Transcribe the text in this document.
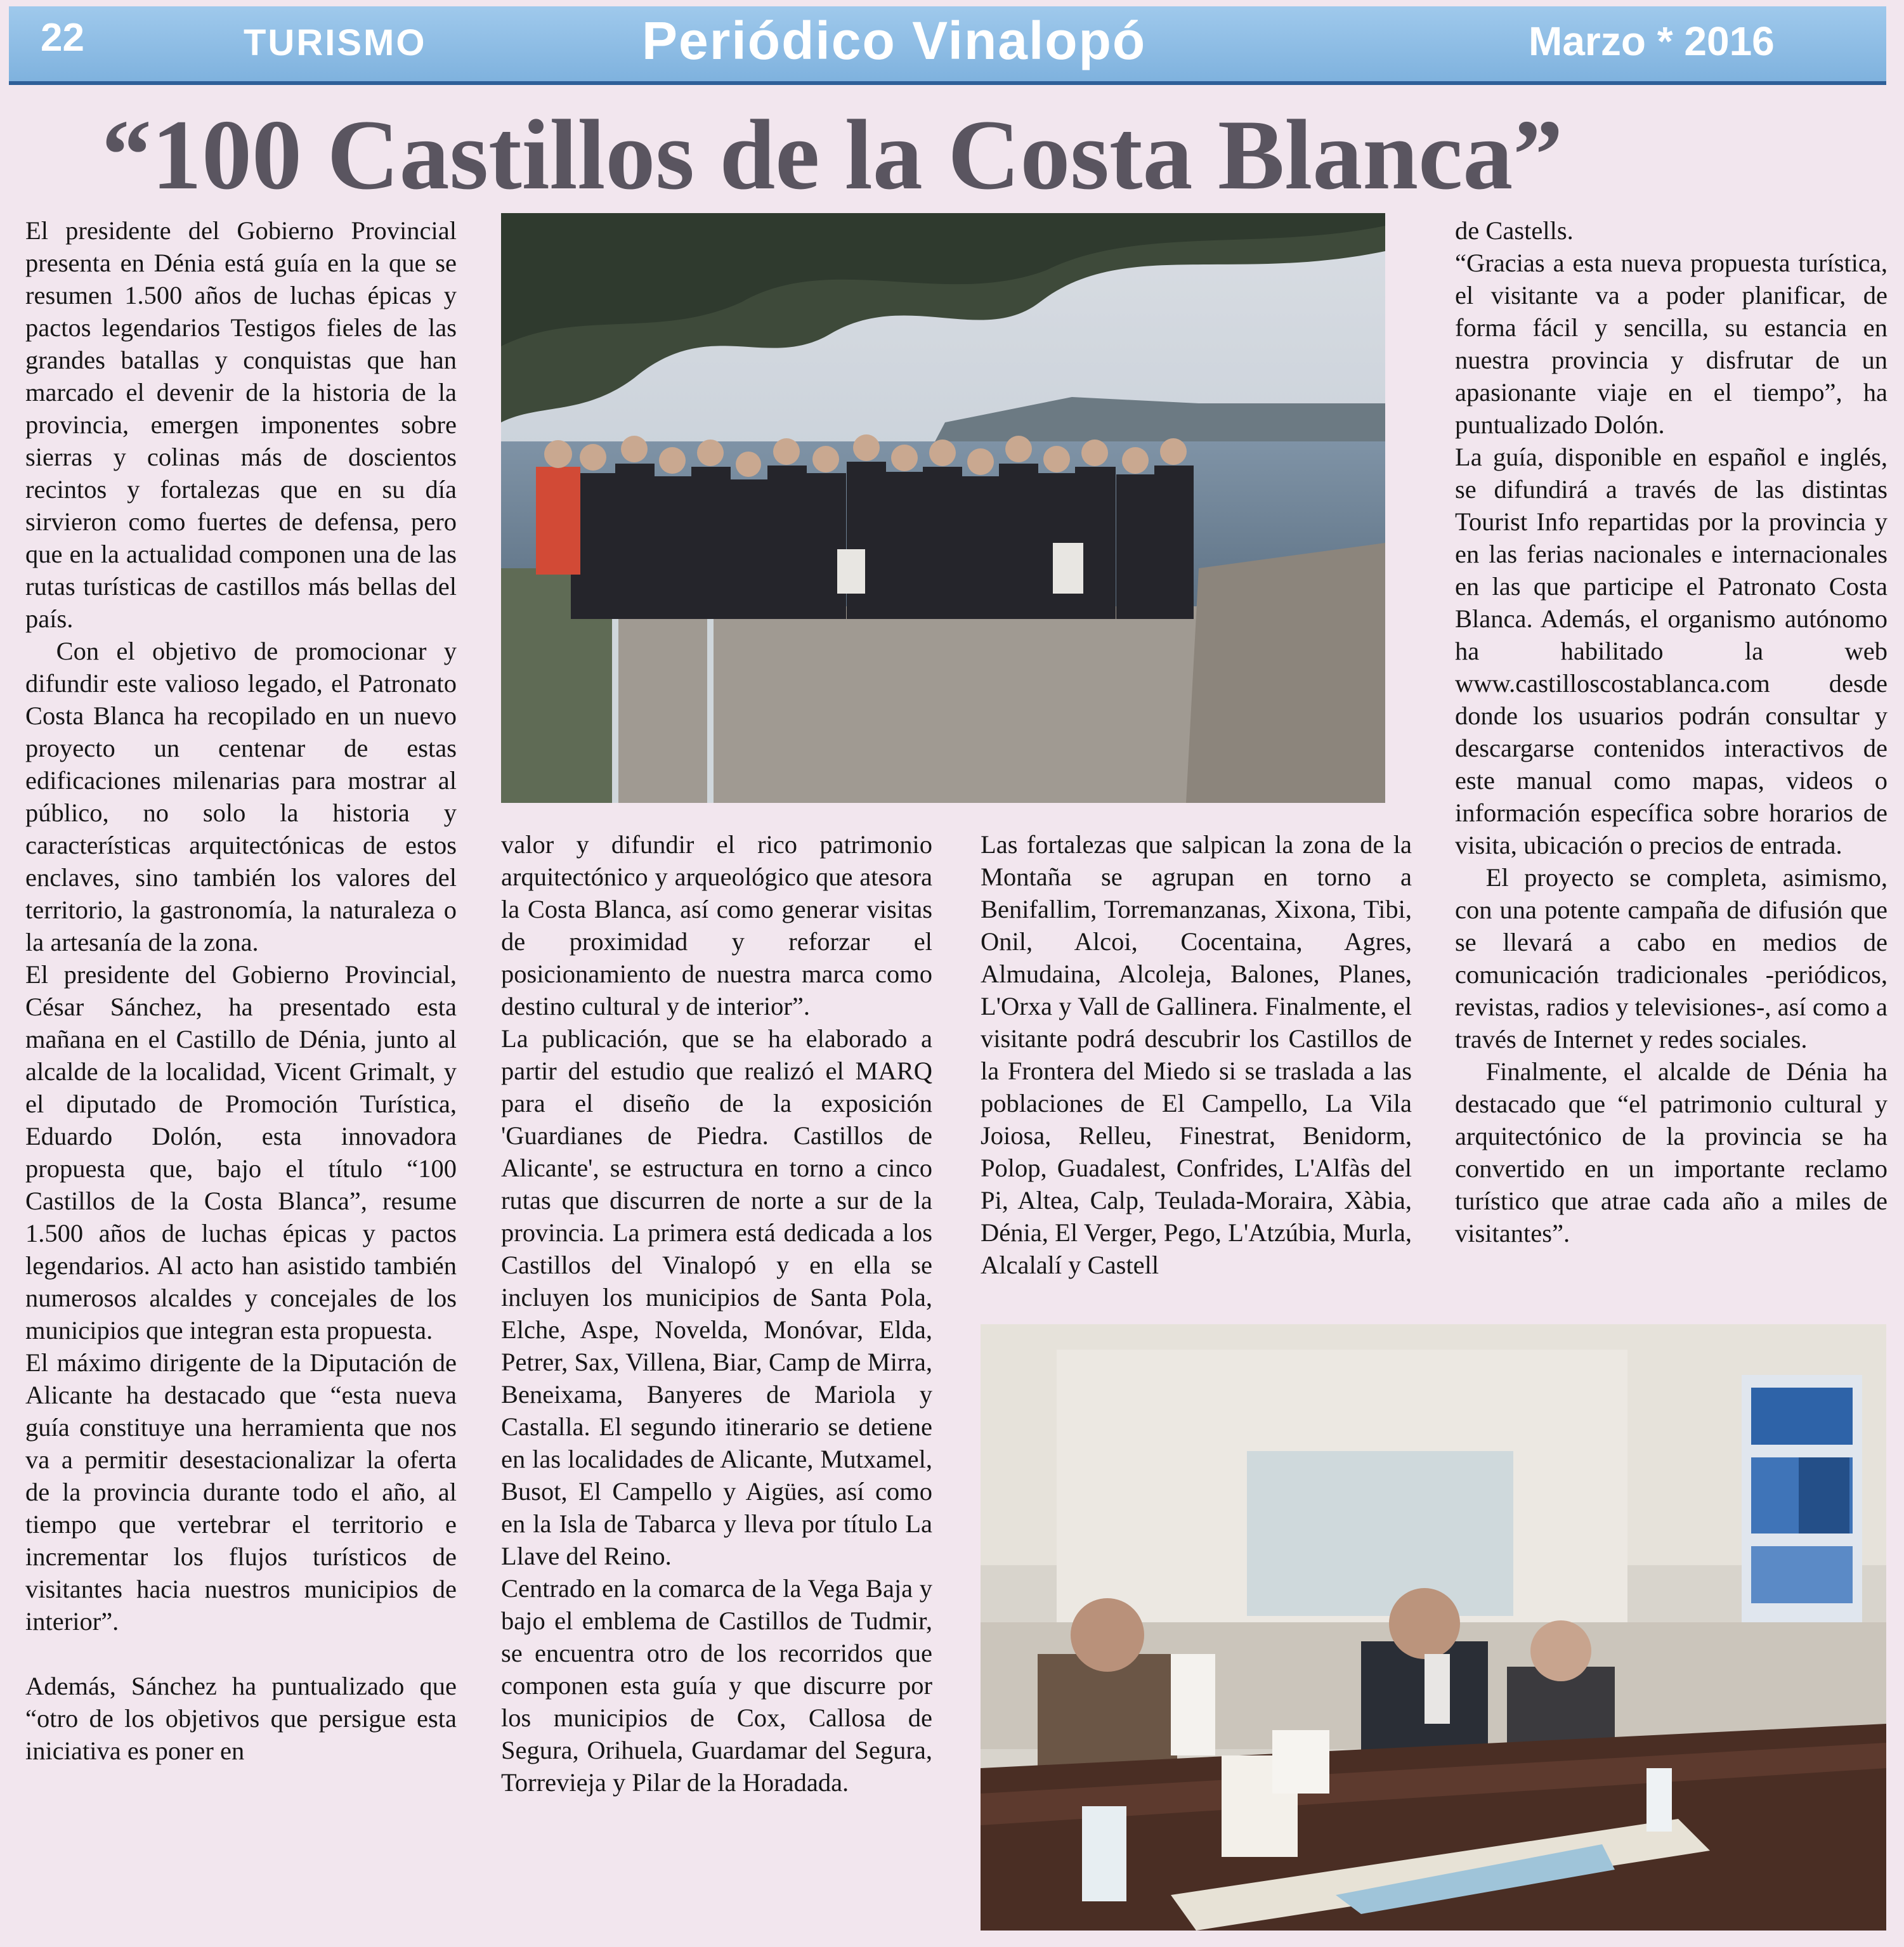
22	TURISMO	Periódico Vinalopó	Marzo * 2016
“100 Castillos de la Costa Blanca”

El presidente del Gobierno Provincial presenta en Dénia está guía en la que se resumen 1.500 años de luchas épicas y pactos legendarios Testigos fieles de las grandes batallas y conquistas que han marcado el devenir de la historia de la provincia, emergen imponentes sobre sierras y colinas más de doscientos recintos y fortalezas que en su día sirvieron como fuertes de defensa, pero que en la actualidad componen una de las rutas turísticas de castillos más bellas del país.

Con el objetivo de promocionar y difundir este valioso legado, el Patronato Costa Blanca ha recopilado en un nuevo proyecto un centenar de estas edificaciones milenarias para mostrar al público, no solo la historia y características arquitectónicas de estos enclaves, sino también los valores del territorio, la gastronomía, la naturaleza o la artesanía de la zona.

El presidente del Gobierno Provincial, César Sánchez, ha presentado esta mañana en el Castillo de Dénia, junto al alcalde de la localidad, Vicent Grimalt, y el diputado de Promoción Turística, Eduardo Dolón, esta innovadora propuesta que, bajo el título “100 Castillos de la Costa Blanca”, resume 1.500 años de luchas épicas y pactos legendarios. Al acto han asistido también numerosos alcaldes y concejales de los municipios que integran esta propuesta.

El máximo dirigente de la Diputación de Alicante ha destacado que “esta nueva guía constituye una herramienta que nos va a permitir desestacionalizar la oferta de la provincia durante todo el año, al tiempo que vertebrar el territorio e incrementar los flujos turísticos de visitantes hacia nuestros municipios de interior”.

Además, Sánchez ha puntualizado que “otro de los objetivos que persigue esta iniciativa es poner en

valor y difundir el rico patrimonio arquitectónico y arqueológico que atesora la Costa Blanca, así como generar visitas de proximidad y reforzar el posicionamiento de nuestra marca como destino cultural y de interior”.

La publicación, que se ha elaborado a partir del estudio que realizó el MARQ para el diseño de la exposición 'Guardianes de Piedra. Castillos de Alicante', se estructura en torno a cinco rutas que discurren de norte a sur de la provincia. La primera está dedicada a los Castillos del Vinalopó y en ella se incluyen los municipios de Santa Pola, Elche, Aspe, Novelda, Monóvar, Elda, Petrer, Sax, Villena, Biar, Camp de Mirra, Beneixama, Banyeres de Mariola y Castalla. El segundo itinerario se detiene en las localidades de Alicante, Mutxamel, Busot, El Campello y Aigües, así como en la Isla de Tabarca y lleva por título La Llave del Reino.

Centrado en la comarca de la Vega Baja y bajo el emblema de Castillos de Tudmir, se encuentra otro de los recorridos que componen esta guía y que discurre por los municipios de Cox, Callosa de Segura, Orihuela, Guardamar del Segura, Torrevieja y Pilar de la Horadada.

Las fortalezas que salpican la zona de la Montaña se agrupan en torno a Benifallim, Torremanzanas, Xixona, Tibi, Onil, Alcoi, Cocentaina, Agres, Almudaina, Alcoleja, Balones, Planes, L'Orxa y Vall de Gallinera. Finalmente, el visitante podrá descubrir los Castillos de la Frontera del Miedo si se traslada a las poblaciones de El Campello, La Vila Joiosa, Relleu, Finestrat, Benidorm, Polop, Guadalest, Confrides, L'Alfàs del Pi, Altea, Calp, Teulada-Moraira, Xàbia, Dénia, El Verger, Pego, L'Atzúbia, Murla, Alcalalí y Castell

de Castells.

“Gracias a esta nueva propuesta turística, el visitante va a poder planificar, de forma fácil y sencilla, su estancia en nuestra provincia y disfrutar de un apasionante viaje en el tiempo”, ha puntualizado Dolón.

La guía, disponible en español e inglés, se difundirá a través de las distintas Tourist Info repartidas por la provincia y en las ferias nacionales e internacionales en las que participe el Patronato Costa Blanca. Además, el organismo autónomo ha habilitado la web www.castilloscostablanca.com desde donde los usuarios podrán consultar y descargarse contenidos interactivos de este manual como mapas, videos o información específica sobre horarios de visita, ubicación o precios de entrada.

El proyecto se completa, asimismo, con una potente campaña de difusión que se llevará a cabo en medios de comunicación tradicionales -periódicos, revistas, radios y televisiones-, así como a través de Internet y redes sociales.

Finalmente, el alcalde de Dénia ha destacado que “el patrimonio cultural y arquitectónico de la provincia se ha convertido en un importante reclamo turístico que atrae cada año a miles de visitantes”.
